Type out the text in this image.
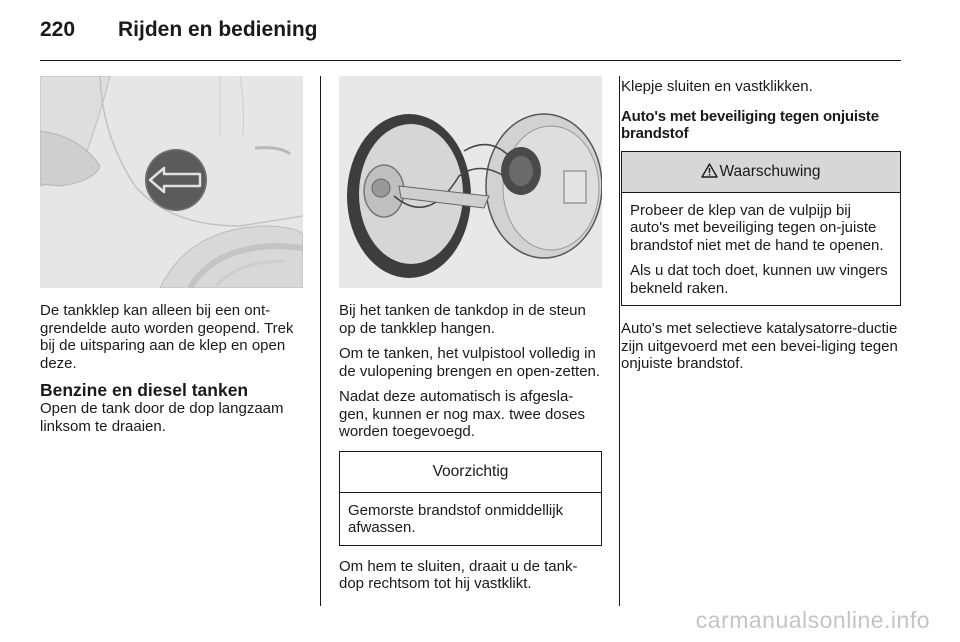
220	Rijden en bediening

De tankklep kan alleen bij een ont-grendelde auto worden geopend. Trek bij de uitsparing aan de klep en open deze.

Benzine en diesel tanken

Open de tank door de dop langzaam linksom te draaien.

Bij het tanken de tankdop in de steun op de tankklep hangen.

Om te tanken, het vulpistool volledig in de vulopening brengen en open-zetten.

Nadat deze automatisch is afgesla-gen, kunnen er nog max. twee doses worden toegevoegd.

Voorzichtig

Gemorste brandstof onmiddellijk afwassen.

Om hem te sluiten, draait u de tank-dop rechtsom tot hij vastklikt.

Klepje sluiten en vastklikken.

Auto's met beveiliging tegen onjuiste brandstof

Waarschuwing

Probeer de klep van de vulpijp bij auto's met beveiliging tegen on-juiste brandstof niet met de hand te openen.

Als u dat toch doet, kunnen uw vingers bekneld raken.

Auto's met selectieve katalysatorre-ductie zijn uitgevoerd met een bevei-liging tegen onjuiste brandstof.

carmanualsonline.info
